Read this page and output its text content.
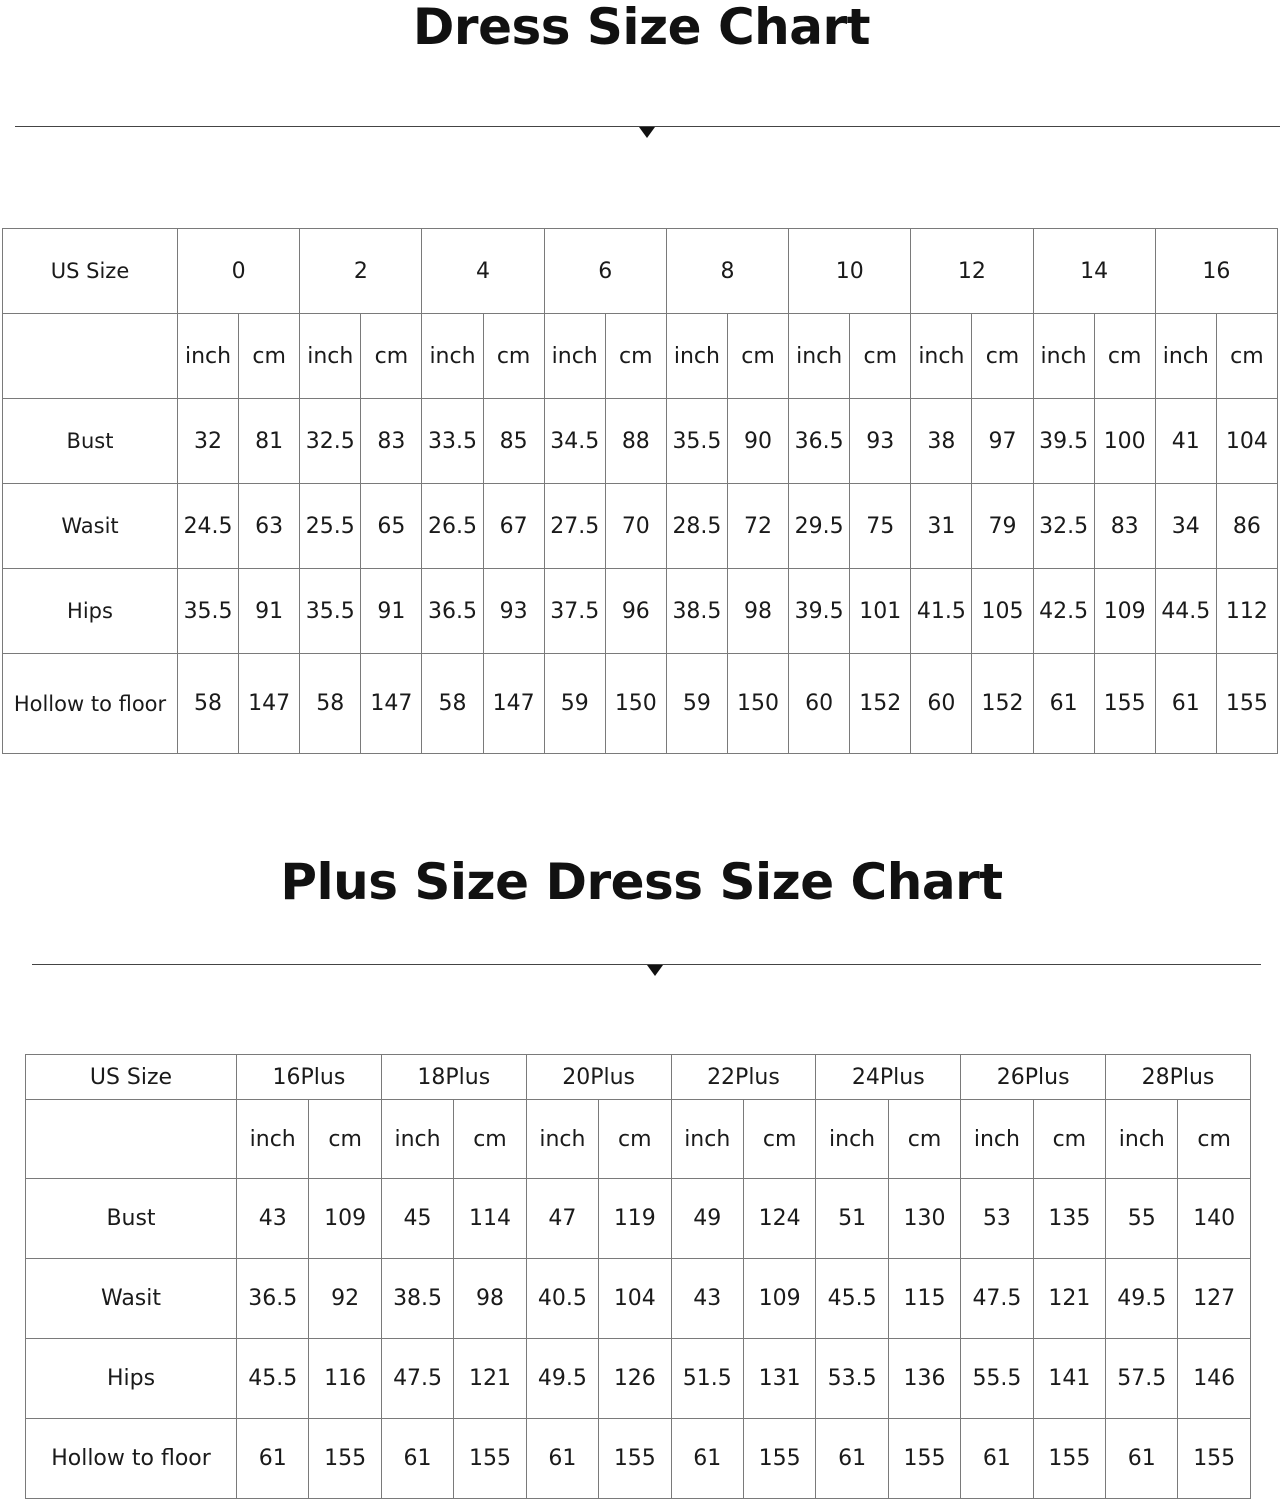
Dress Size Chart
US Size	0		2		4		6		8		10		12		14		16	
	inch	cm	inch	cm	inch	cm	inch	cm	inch	cm	inch	cm	inch	cm	inch	cm	inch	cm
Bust	32	81	32.5	83	33.5	85	34.5	88	35.5	90	36.5	93	38	97	39.5	100	41	104
Wasit	24.5	63	25.5	65	26.5	67	27.5	70	28.5	72	29.5	75	31	79	32.5	83	34	86
Hips	35.5	91	35.5	91	36.5	93	37.5	96	38.5	98	39.5	101	41.5	105	42.5	109	44.5	112
Hollow to floor	58	147	58	147	58	147	59	150	59	150	60	152	60	152	61	155	61	155
Plus Size Dress Size Chart
US Size	16Plus		18Plus		20Plus		22Plus		24Plus		26Plus		28Plus	
	inch	cm	inch	cm	inch	cm	inch	cm	inch	cm	inch	cm	inch	cm
Bust	43	109	45	114	47	119	49	124	51	130	53	135	55	140
Wasit	36.5	92	38.5	98	40.5	104	43	109	45.5	115	47.5	121	49.5	127
Hips	45.5	116	47.5	121	49.5	126	51.5	131	53.5	136	55.5	141	57.5	146
Hollow to floor	61	155	61	155	61	155	61	155	61	155	61	155	61	155
